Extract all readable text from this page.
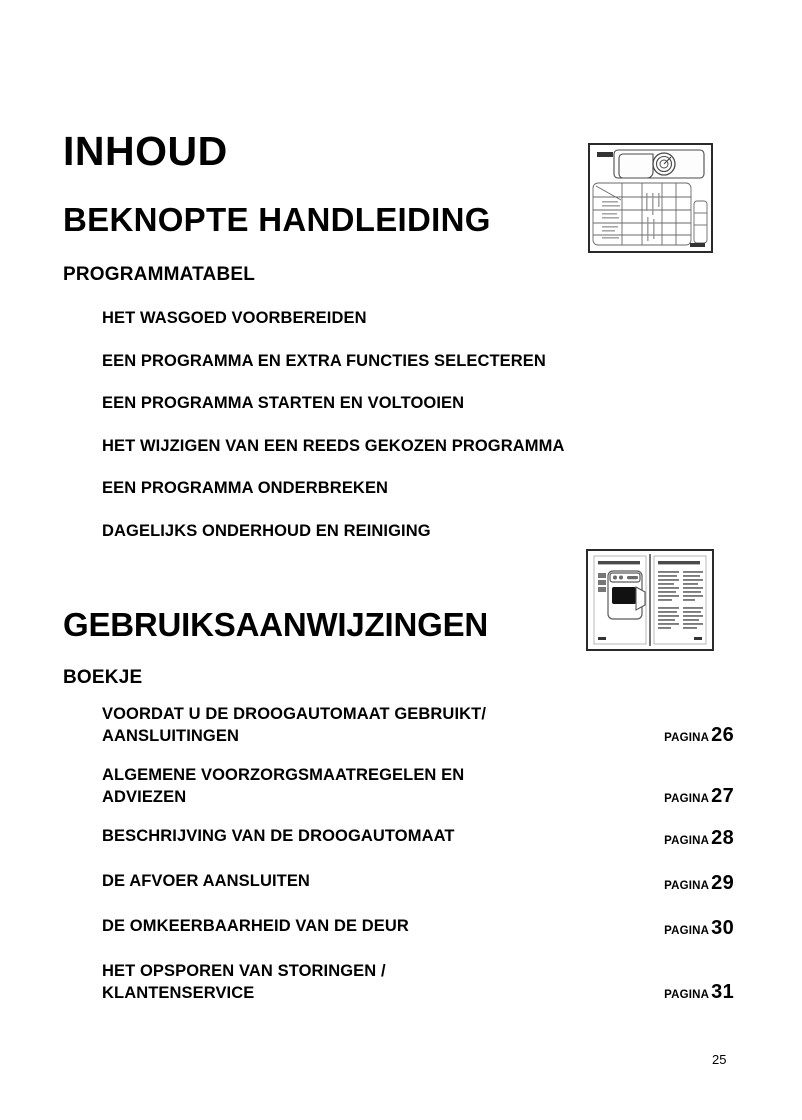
INHOUD
BEKNOPTE HANDLEIDING
PROGRAMMATABEL
HET WASGOED VOORBEREIDEN
EEN PROGRAMMA EN EXTRA FUNCTIES SELECTEREN
EEN PROGRAMMA STARTEN EN VOLTOOIEN
HET WIJZIGEN VAN EEN REEDS GEKOZEN PROGRAMMA
EEN PROGRAMMA ONDERBREKEN
DAGELIJKS ONDERHOUD EN REINIGING
GEBRUIKSAANWIJZINGEN
BOEKJE
VOORDAT U DE DROOGAUTOMAAT GEBRUIKT/
AANSLUITINGEN	PAGINA 26
ALGEMENE VOORZORGSMAATREGELEN EN
ADVIEZEN	PAGINA 27
BESCHRIJVING VAN DE DROOGAUTOMAAT	PAGINA 28
DE AFVOER AANSLUITEN	PAGINA 29
DE OMKEERBAARHEID VAN DE DEUR	PAGINA 30
HET OPSPOREN VAN STORINGEN /
KLANTENSERVICE	PAGINA 31
25
